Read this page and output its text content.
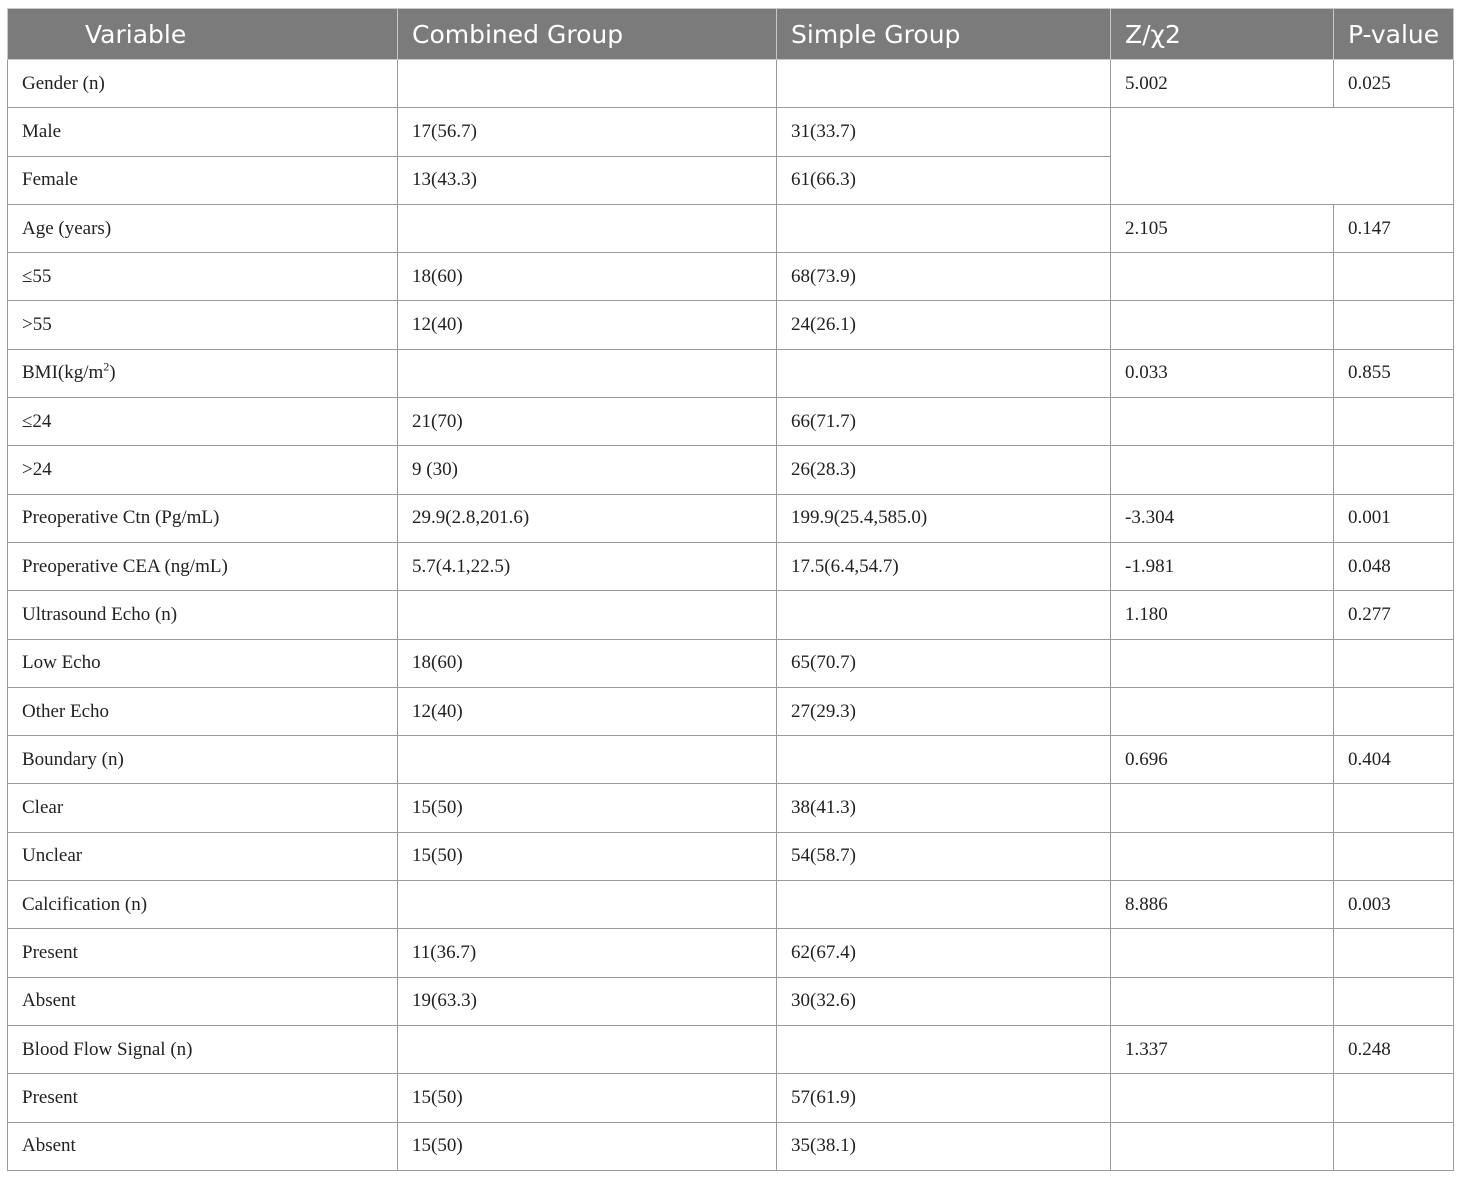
Variable	Combined Group	Simple Group	Z/χ2	P-value
Gender (n)			5.002	0.025
Male	17(56.7)	31(33.7)		
Female	13(43.3)	61(66.3)		
Age (years)			2.105	0.147
≤55	18(60)	68(73.9)		
>55	12(40)	24(26.1)		
$BMI(kg/m^2)$			0.033	0.855
≤24	21(70)	66(71.7)		
>24	9 (30)	26(28.3)		
Preoperative Ctn (Pg/mL)	29.9(2.8,201.6)	199.9(25.4,585.0)	-3.304	0.001
Preoperative CEA (ng/mL)	5.7(4.1,22.5)	17.5(6.4,54.7)	-1.981	0.048
Ultrasound Echo (n)			1.180	0.277
Low Echo	18(60)	65(70.7)		
Other Echo	12(40)	27(29.3)		
Boundary (n)			0.696	0.404
Clear	15(50)	38(41.3)		
Unclear	15(50)	54(58.7)		
Calcification (n)			8.886	0.003
Present	11(36.7)	62(67.4)		
Absent	19(63.3)	30(32.6)		
Blood Flow Signal (n)			1.337	0.248
Present	15(50)	57(61.9)		
Absent	15(50)	35(38.1)		
